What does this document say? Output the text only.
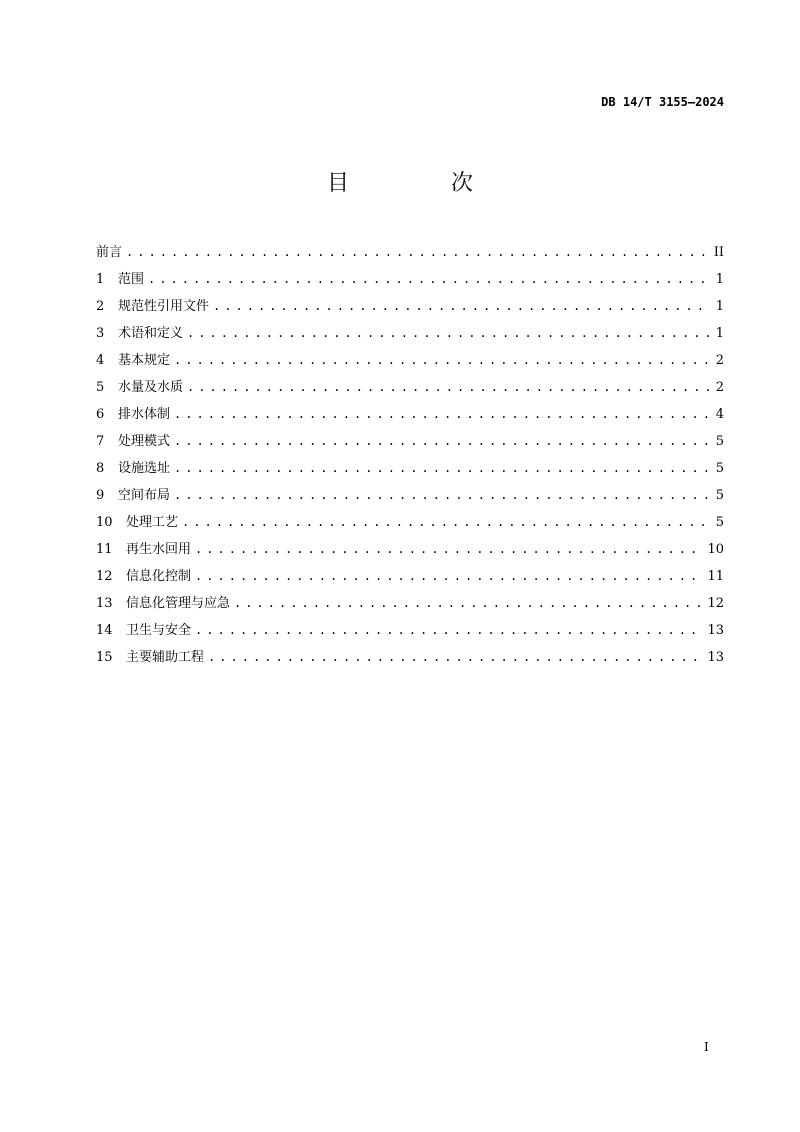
DB 14/T 3155—2024
目　次
前言 . . .	II
1	范围 . . .	1
2	规范性引用文件 . . .	1
3	术语和定义 . . .	1
4	基本规定 . . .	2
5	水量及水质 . . .	2
6	排水体制 . . .	4
7	处理模式 . . .	5
8	设施选址 . . .	5
9	空间布局 . . .	5
10	处理工艺 . . .	5
11	再生水回用 . . .	10
12	信息化控制 . . .	11
13	信息化管理与应急 . . .	12
14	卫生与安全 . . .	13
15	主要辅助工程 . . .	13
I
